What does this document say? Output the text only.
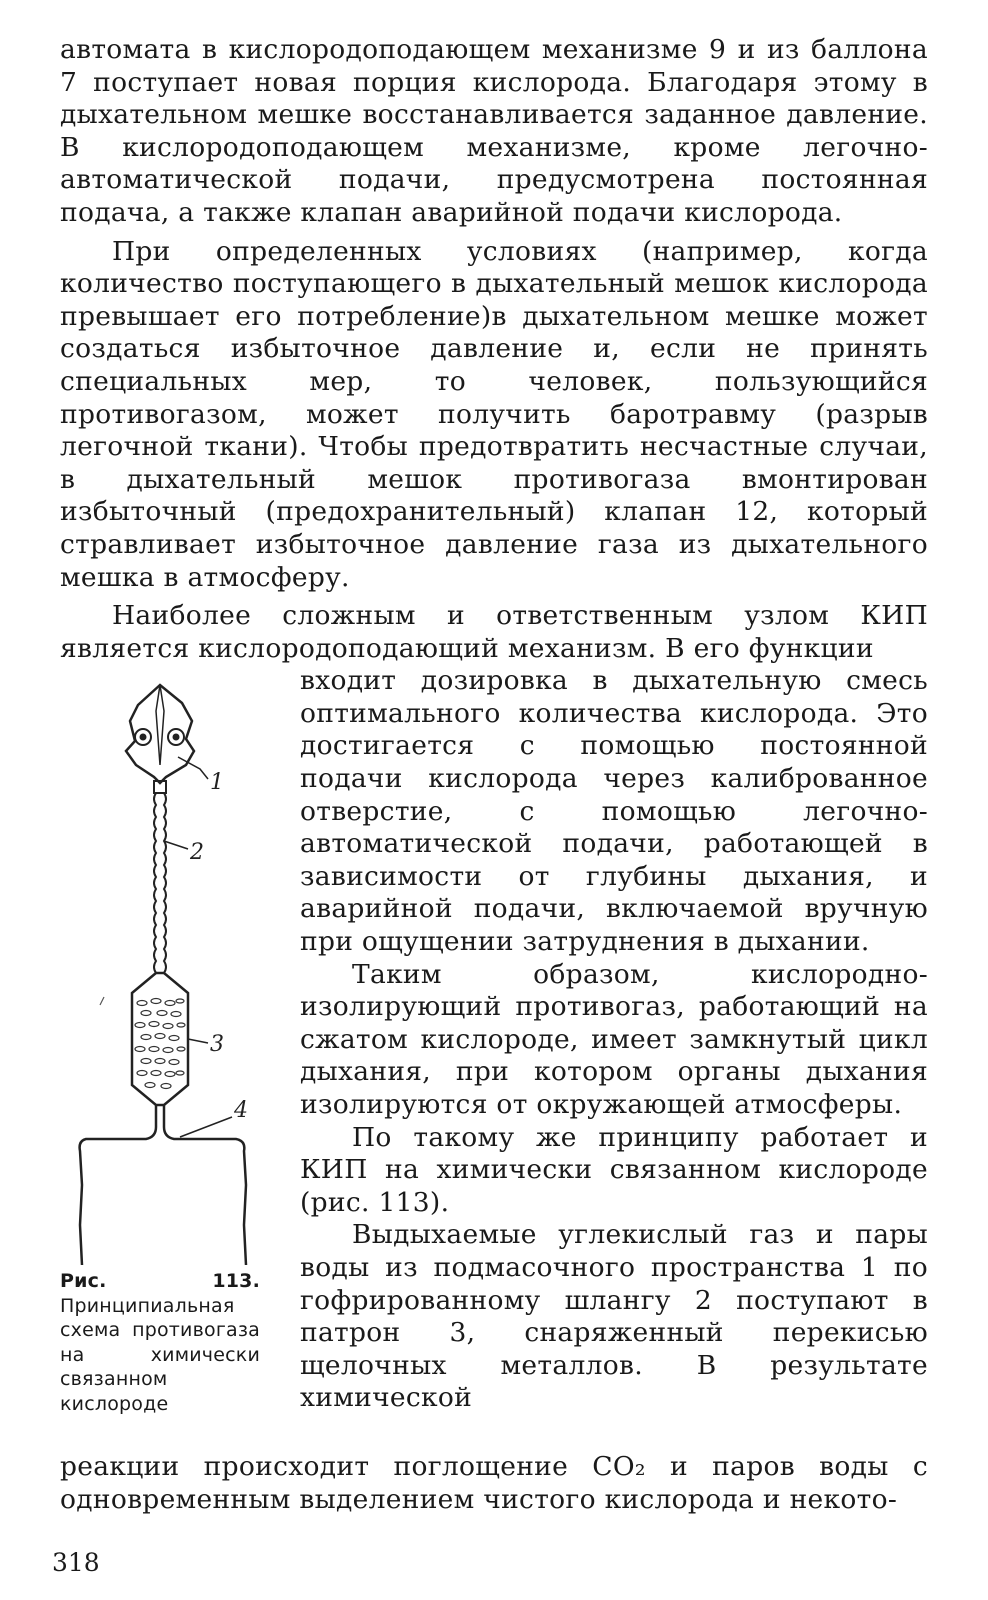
автомата в кислородоподающем механизме 9 и из баллона 7 поступает новая порция кислорода. Благодаря этому в дыхательном мешке восстанавливается заданное давление. В кислородоподающем механизме, кроме легочно-автоматической подачи, предусмотрена постоянная подача, а также клапан аварийной подачи кислорода.

При определенных условиях (например, когда количество поступающего в дыхательный мешок кислорода превышает его потребление)в дыхательном мешке может создаться избыточное давление и, если не принять специальных мер, то человек, пользующийся противогазом, может получить баротравму (разрыв легочной ткани). Чтобы предотвратить несчастные случаи, в дыхательный мешок противогаза вмонтирован избыточный (предохранительный) клапан 12, который стравливает избыточное давление газа из дыхательного мешка в атмосферу.

Наиболее сложным и ответственным узлом КИП является кислородоподающий механизм. В его функции

1
2
3
4
Рис. 113. Принципиальная схема противогаза на химически связанном кислороде

входит дозировка в дыхательную смесь оптимального количества кислорода. Это достигается с помощью постоянной подачи кислорода через калиброванное отверстие, с помощью легочно-автоматической подачи, работающей в зависимости от глубины дыхания, и аварийной подачи, включаемой вручную при ощущении затруднения в дыхании.

Таким образом, кислородно-изолирующий противогаз, работающий на сжатом кислороде, имеет замкнутый цикл дыхания, при котором органы дыхания изолируются от окружающей атмосферы.

По такому же принципу работает и КИП на химически связанном кислороде (рис. 113).

Выдыхаемые углекислый газ и пары воды из подмасочного пространства 1 по гофрированному шлангу 2 поступают в патрон 3, снаряженный перекисью щелочных металлов. В результате химической

реакции происходит поглощение CO₂ и паров воды с одновременным выделением чистого кислорода и некото-

318
